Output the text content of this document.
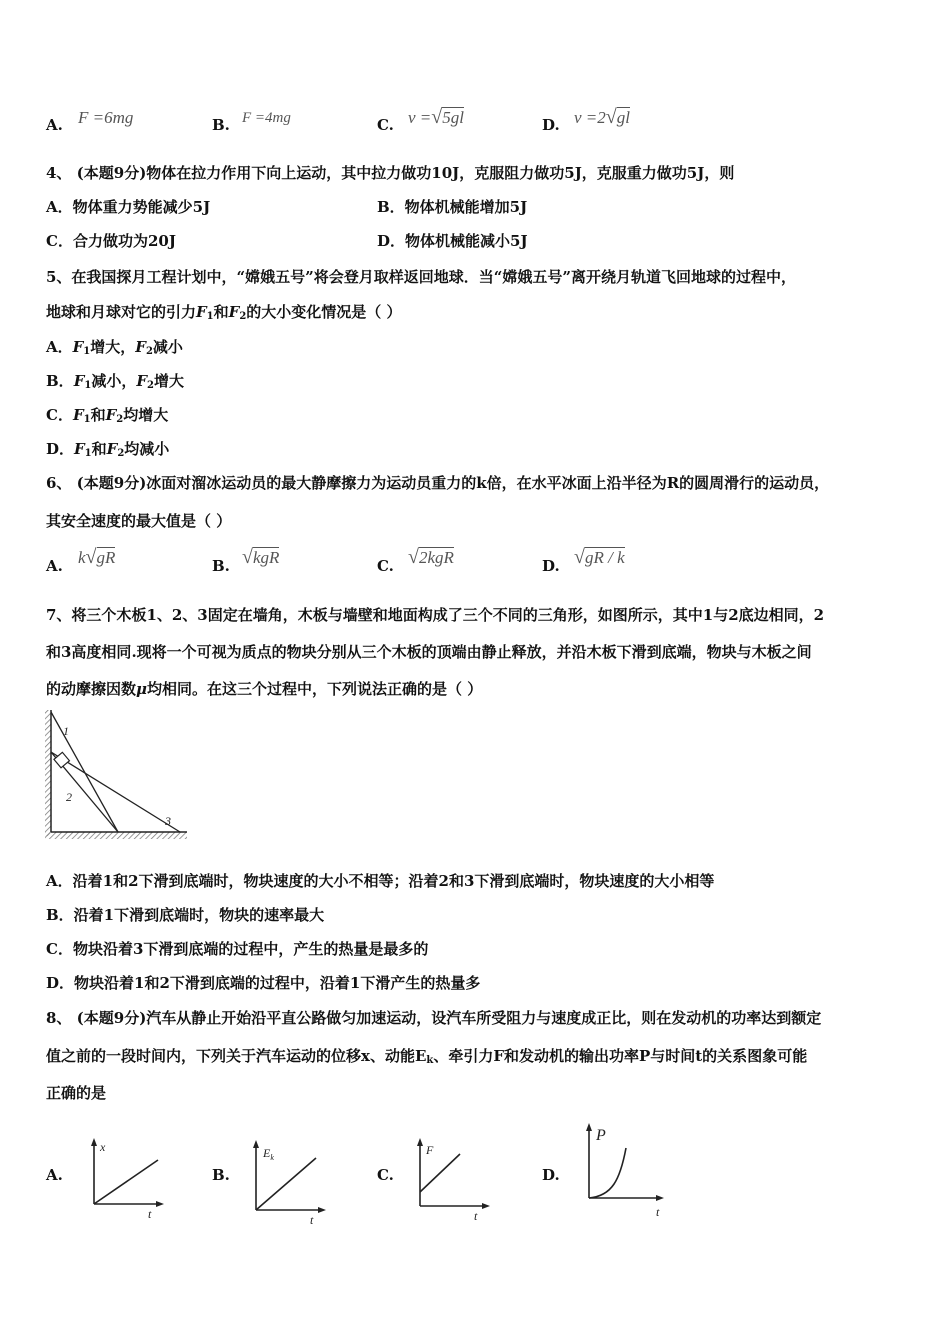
A. F =6mg	B. F =4mg	C. v =√5gl	D. v =2√gl
4、 (本题9分)物体在拉力作用下向上运动，其中拉力做功10J，克服阻力做功5J，克服重力做功5J，则
A．物体重力势能减少5J	B．物体机械能增加5J
C．合力做功为20J	D．物体机械能减小5J
5、在我国探月工程计划中，“嫦娥五号”将会登月取样返回地球．当“嫦娥五号”离开绕月轨道飞回地球的过程中，
地球和月球对它的引力$F_1$和$F_2$的大小变化情况是（ ）
A．$F_1$增大，$F_2$减小
B．$F_1$减小，$F_2$增大
C．$F_1$和$F_2$均增大
D．$F_1$和$F_2$均减小
6、 (本题9分)冰面对溜冰运动员的最大静摩擦力为运动员重力的k倍，在水平冰面上沿半径为R的圆周滑行的运动员，
其安全速度的最大值是（ ）
A. k√gR	B. √kgR	C. √2kgR	D. √gR / k
7、将三个木板1、2、3固定在墙角，木板与墙壁和地面构成了三个不同的三角形，如图所示，其中1与2底边相同，2
和3高度相同.现将一个可视为质点的物块分别从三个木板的顶端由静止释放，并沿木板下滑到底端，物块与木板之间
的动摩擦因数μ均相同。在这三个过程中，下列说法正确的是（ ）
1
2
3
A．沿着1和2下滑到底端时，物块速度的大小不相等；沿着2和3下滑到底端时，物块速度的大小相等
B．沿着1下滑到底端时，物块的速率最大
C．物块沿着3下滑到底端的过程中，产生的热量是最多的
D．物块沿着1和2下滑到底端的过程中，沿着1下滑产生的热量多
8、 (本题9分)汽车从静止开始沿平直公路做匀加速运动，设汽车所受阻力与速度成正比，则在发动机的功率达到额定
值之前的一段时间内，下列关于汽车运动的位移x、动能$E_k$、牵引力F和发动机的输出功率P与时间t的关系图象可能
正确的是
A.
x
t
B.
$E_k$
t
C.
F
t
D.
P
t
